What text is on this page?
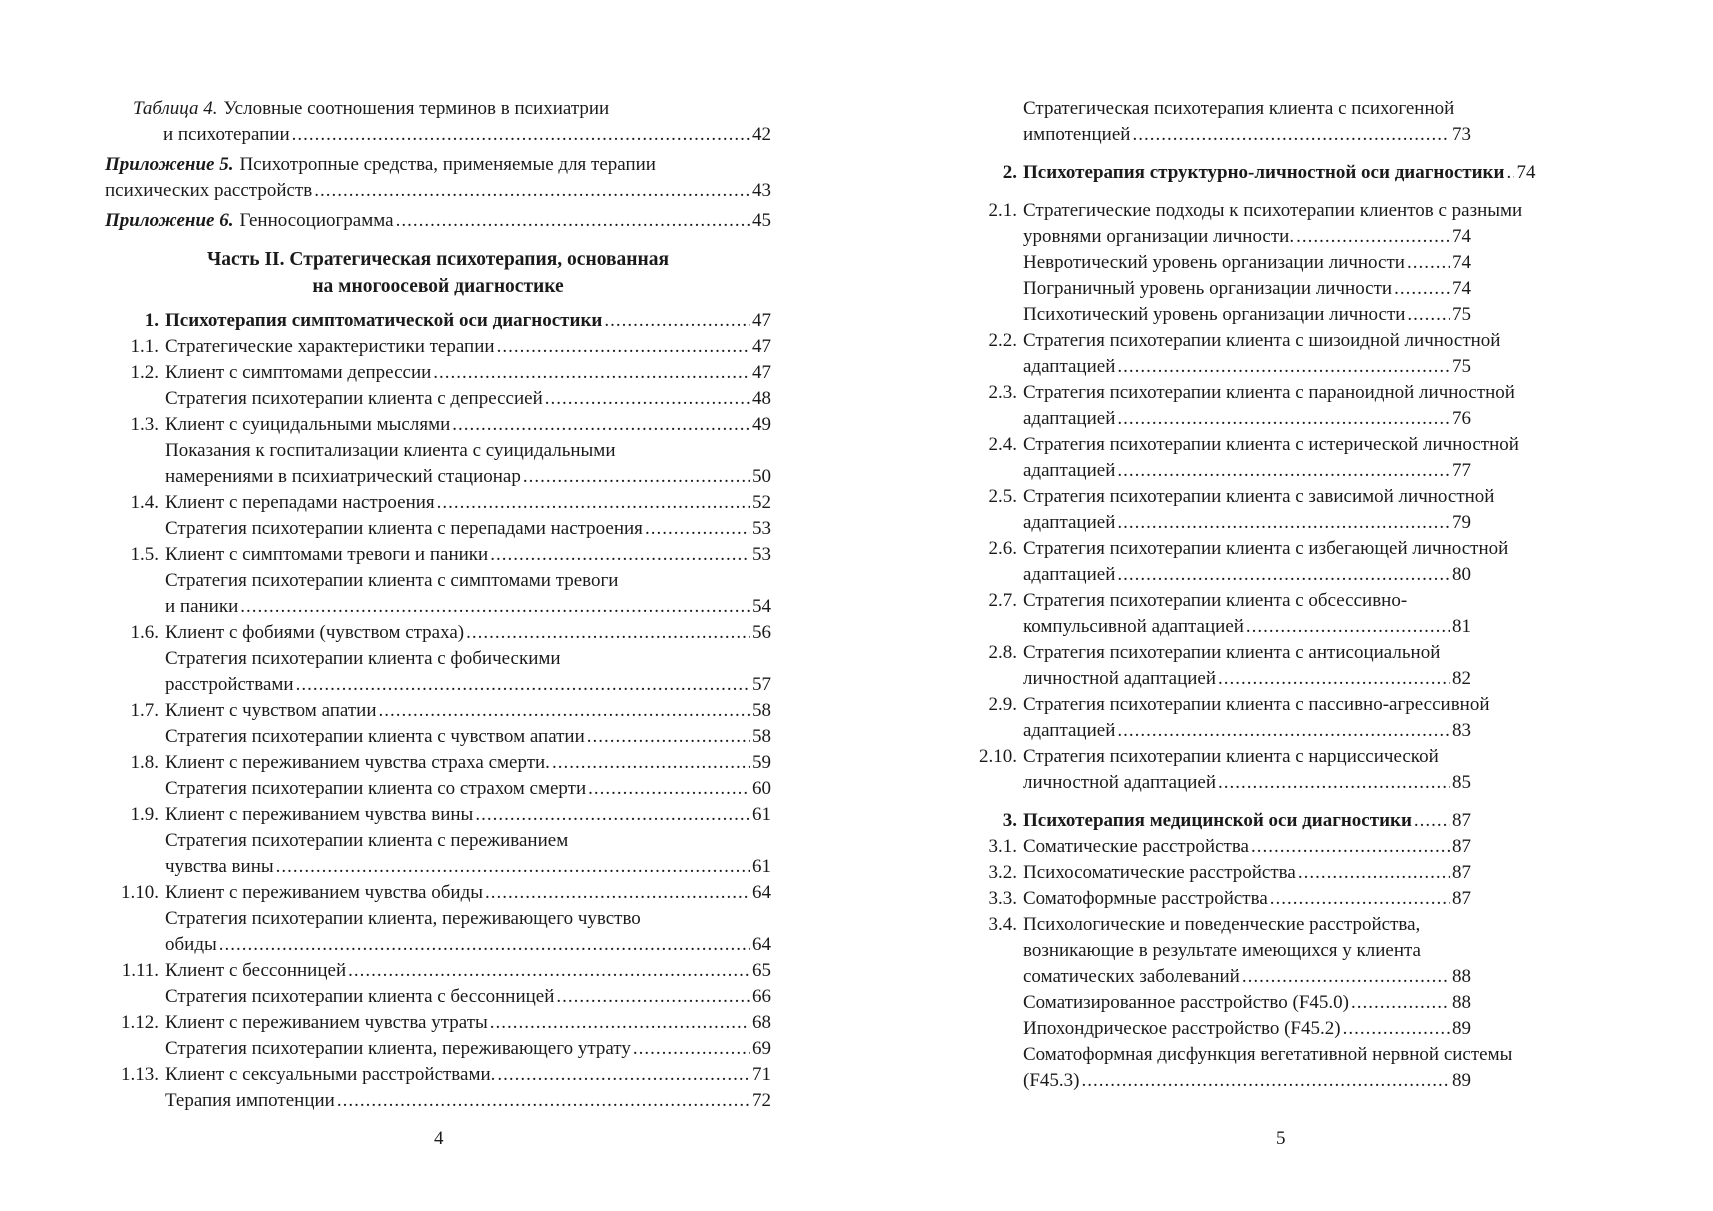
Таблица 4. Условные соотношения терминов в психиатрии
и психотерапии .....	42
Приложение 5. Психотропные средства, применяемые для терапии
психических расстройств .....	43
Приложение 6. Генносоциограмма .....	45
Часть II. Стратегическая психотерапия, основанная
на многоосевой диагностике
1. Психотерапия симптоматической оси диагностики .....	47
1.1. Стратегические характеристики терапии .....	47
1.2. Клиент с симптомами депрессии .....	47
Стратегия психотерапии клиента с депрессией .....	48
1.3. Клиент с суицидальными мыслями .....	49
Показания к госпитализации клиента с суицидальными
намерениями в психиатрический стационар .....	50
1.4. Клиент с перепадами настроения .....	52
Стратегия психотерапии клиента с перепадами настроения .....	53
1.5. Клиент с симптомами тревоги и паники .....	53
Стратегия психотерапии клиента с симптомами тревоги
и паники .....	54
1.6. Клиент с фобиями (чувством страха) .....	56
Стратегия психотерапии клиента с фобическими
расстройствами .....	57
1.7. Клиент с чувством апатии .....	58
Стратегия психотерапии клиента с чувством апатии .....	58
1.8. Клиент с переживанием чувства страха смерти. .....	59
Стратегия психотерапии клиента со страхом смерти .....	60
1.9. Клиент с переживанием чувства вины .....	61
Стратегия психотерапии клиента с переживанием
чувства вины .....	61
1.10. Клиент с переживанием чувства обиды .....	64
Стратегия психотерапии клиента, переживающего чувство
обиды .....	64
1.11. Клиент с бессонницей .....	65
Стратегия психотерапии клиента с бессонницей .....	66
1.12. Клиент с переживанием чувства утраты .....	68
Стратегия психотерапии клиента, переживающего утрату .....	69
1.13. Клиент с сексуальными расстройствами. .....	71
Терапия импотенции .....	72
4
Стратегическая психотерапия клиента с психогенной
импотенцией .....	73
2. Психотерапия структурно-личностной оси диагностики ..... 74
2.1. Стратегические подходы к психотерапии клиентов с разными
уровнями организации личности. .....	74
Невротический уровень организации личности ..... 74
Пограничный уровень организации личности .....	74
Психотический уровень организации личности ..... 75
2.2. Стратегия психотерапии клиента с шизоидной личностной
адаптацией .....	75
2.3. Стратегия психотерапии клиента с параноидной личностной
адаптацией .....	76
2.4. Стратегия психотерапии клиента с истерической личностной
адаптацией .....	77
2.5. Стратегия психотерапии клиента с зависимой личностной
адаптацией .....	79
2.6. Стратегия психотерапии клиента с избегающей личностной
адаптацией .....	80
2.7. Стратегия психотерапии клиента с обсессивно-
компульсивной адаптацией .....	81
2.8. Стратегия психотерапии клиента с антисоциальной
личностной адаптацией .....	82
2.9. Стратегия психотерапии клиента с пассивно-агрессивной
адаптацией .....	83
2.10. Стратегия психотерапии клиента с нарциссической
личностной адаптацией .....	85
3. Психотерапия медицинской оси диагностики ..... 87
3.1. Соматические расстройства .....	87
3.2. Психосоматические расстройства .....	87
3.3. Соматоформные расстройства .....	87
3.4. Психологические и поведенческие расстройства,
возникающие в результате имеющихся у клиента
соматических заболеваний .....	88
Соматизированное расстройство (F45.0) .....	88
Ипохондрическое расстройство (F45.2) .....	89
Соматоформная дисфункция вегетативной нервной системы
(F45.3) .....	89
5
